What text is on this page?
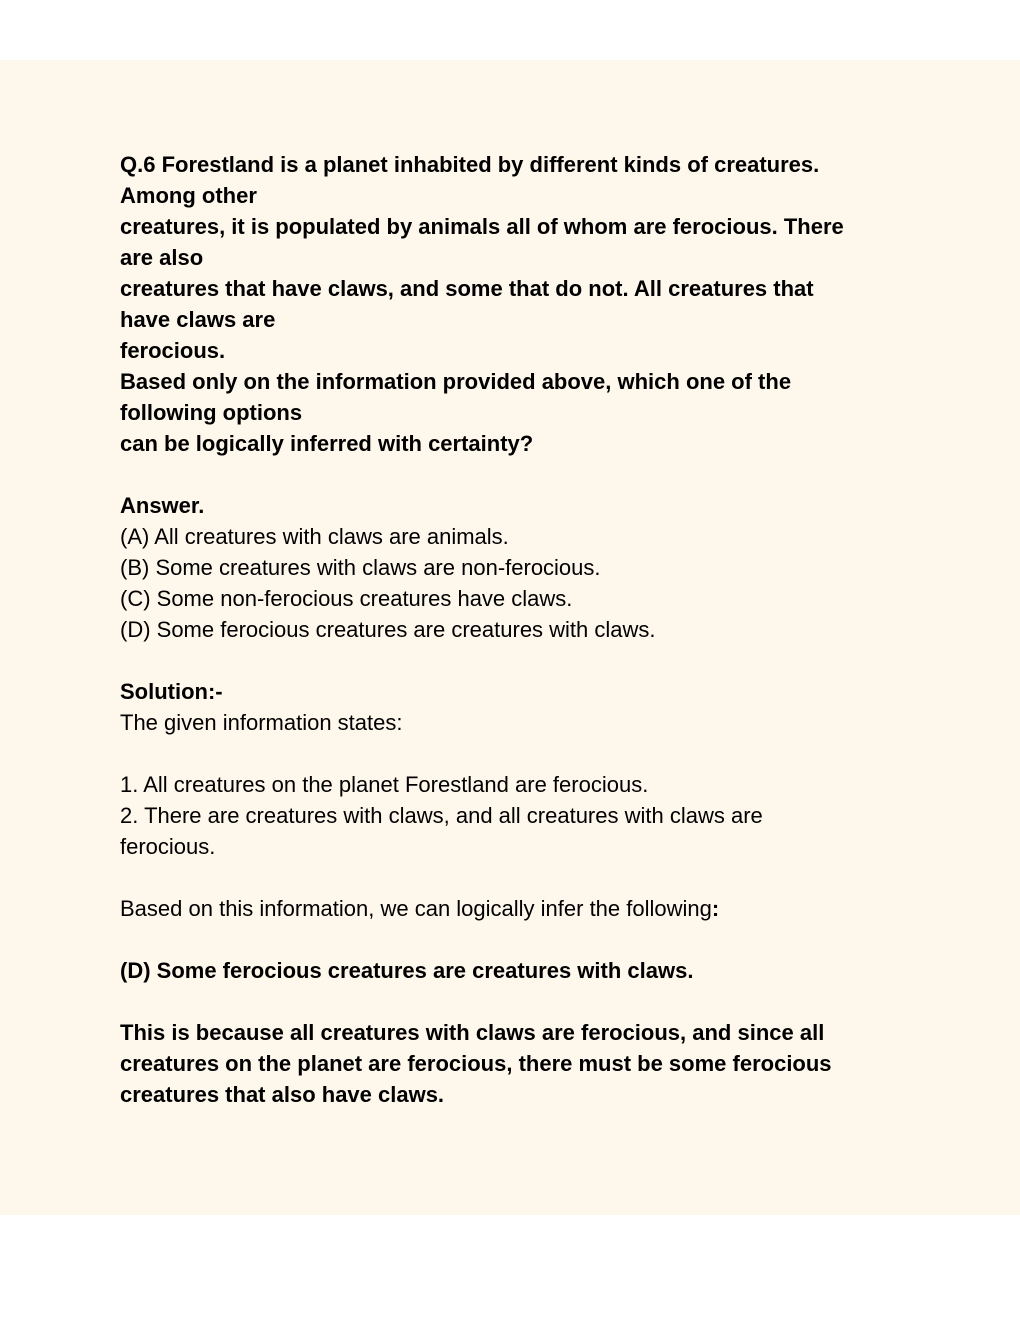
Q.6 Forestland is a planet inhabited by different kinds of creatures.
Among other
creatures, it is populated by animals all of whom are ferocious. There
are also
creatures that have claws, and some that do not. All creatures that
have claws are
ferocious.
Based only on the information provided above, which one of the
following options
can be logically inferred with certainty?
Answer.
(A) All creatures with claws are animals.
(B) Some creatures with claws are non-ferocious.
(C) Some non-ferocious creatures have claws.
(D) Some ferocious creatures are creatures with claws.
Solution:-
The given information states:
1. All creatures on the planet Forestland are ferocious.
2. There are creatures with claws, and all creatures with claws are
ferocious.
Based on this information, we can logically infer the following:
(D) Some ferocious creatures are creatures with claws.
This is because all creatures with claws are ferocious, and since all
creatures on the planet are ferocious, there must be some ferocious
creatures that also have claws.
